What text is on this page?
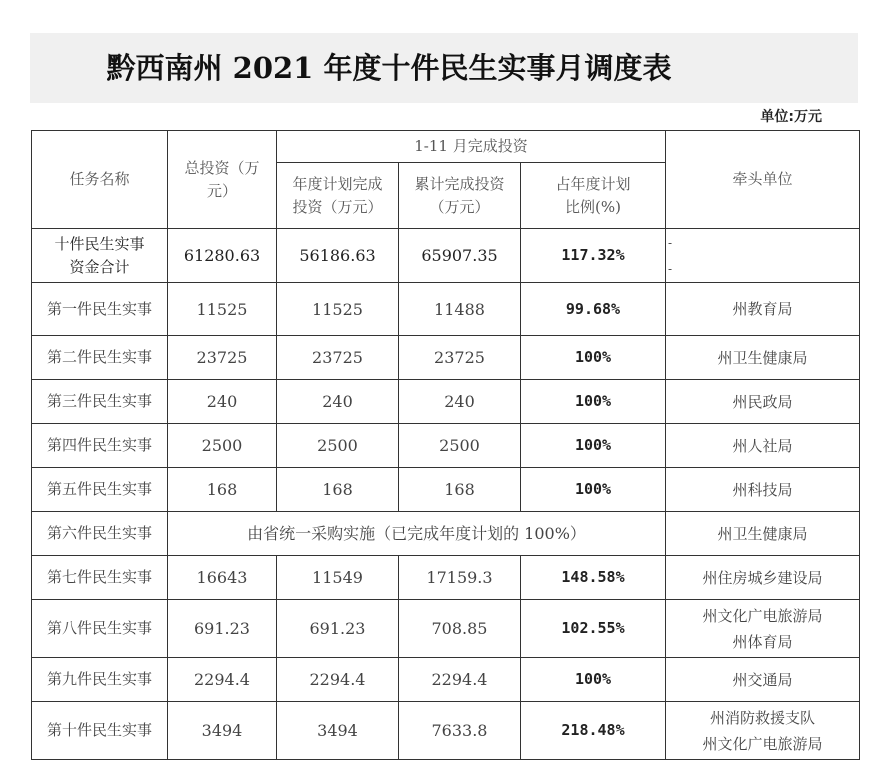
黔西南州 2021 年度十件民生实事月调度表
单位:万元
任务名称	总投资（万元）	1-11 月完成投资			牵头单位
		年度计划完成投资（万元）	累计完成投资（万元）	占年度计划比例(%)	
十件民生实事资金合计	61280.63	56186.63	65907.35	117.32%	-
-
第一件民生实事	11525	11525	11488	99.68%	州教育局
第二件民生实事	23725	23725	23725	100%	州卫生健康局
第三件民生实事	240	240	240	100%	州民政局
第四件民生实事	2500	2500	2500	100%	州人社局
第五件民生实事	168	168	168	100%	州科技局
第六件民生实事	由省统一采购实施（已完成年度计划的 100%）				州卫生健康局
第七件民生实事	16643	11549	17159.3	148.58%	州住房城乡建设局
第八件民生实事	691.23	691.23	708.85	102.55%	州文化广电旅游局
州体育局
第九件民生实事	2294.4	2294.4	2294.4	100%	州交通局
第十件民生实事	3494	3494	7633.8	218.48%	州消防救援支队
州文化广电旅游局
